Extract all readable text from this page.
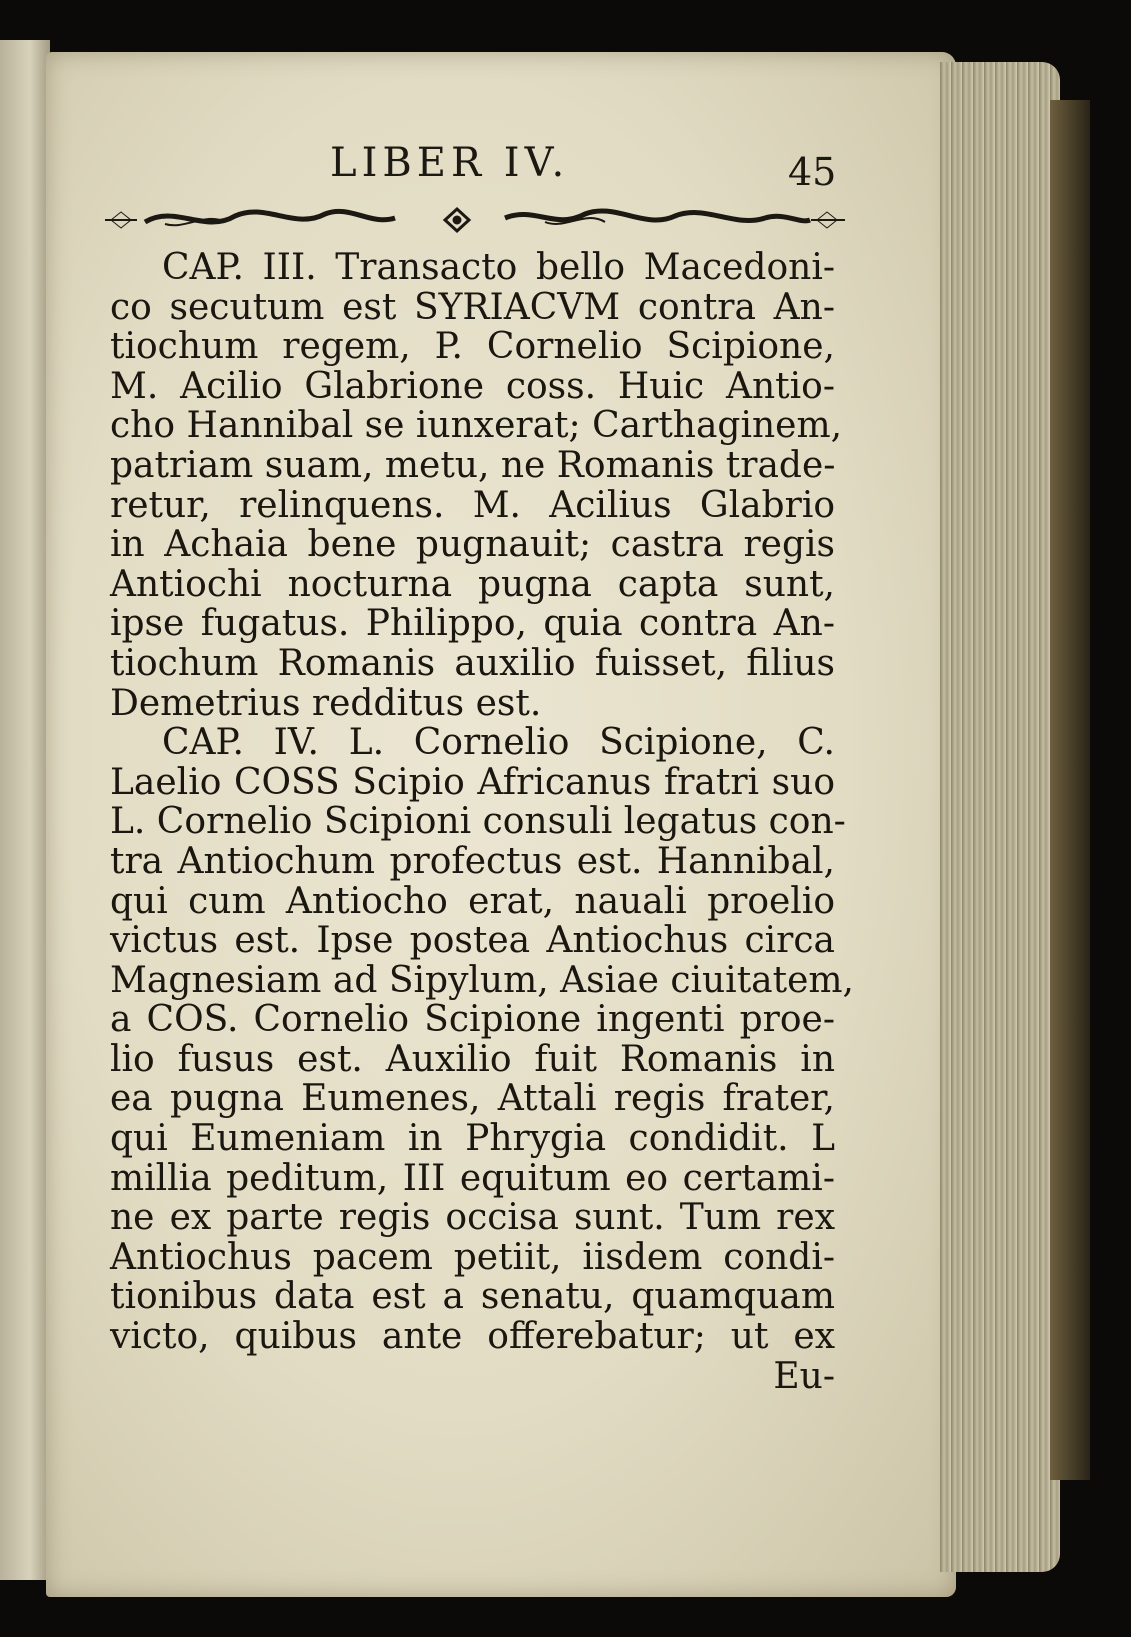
LIBER IV.	45
CAP. III. Transacto bello Macedoni-
co secutum est SYRIACVM contra An-
tiochum regem, P. Cornelio Scipione,
M. Acilio Glabrione coss. Huic Antio-
cho Hannibal se iunxerat; Carthaginem,
patriam suam, metu, ne Romanis trade-
retur, relinquens. M. Acilius Glabrio
in Achaia bene pugnauit; castra regis
Antiochi nocturna pugna capta sunt,
ipse fugatus. Philippo, quia contra An-
tiochum Romanis auxilio fuisset, filius
Demetrius redditus est.
CAP. IV. L. Cornelio Scipione, C.
Laelio COSS Scipio Africanus fratri suo
L. Cornelio Scipioni consuli legatus con-
tra Antiochum profectus est. Hannibal,
qui cum Antiocho erat, nauali proelio
victus est. Ipse postea Antiochus circa
Magnesiam ad Sipylum, Asiae ciuitatem,
a COS. Cornelio Scipione ingenti proe-
lio fusus est. Auxilio fuit Romanis in
ea pugna Eumenes, Attali regis frater,
qui Eumeniam in Phrygia condidit. L
millia peditum, III equitum eo certami-
ne ex parte regis occisa sunt. Tum rex
Antiochus pacem petiit, iisdem condi-
tionibus data est a senatu, quamquam
victo, quibus ante offerebatur; ut ex
Eu-
